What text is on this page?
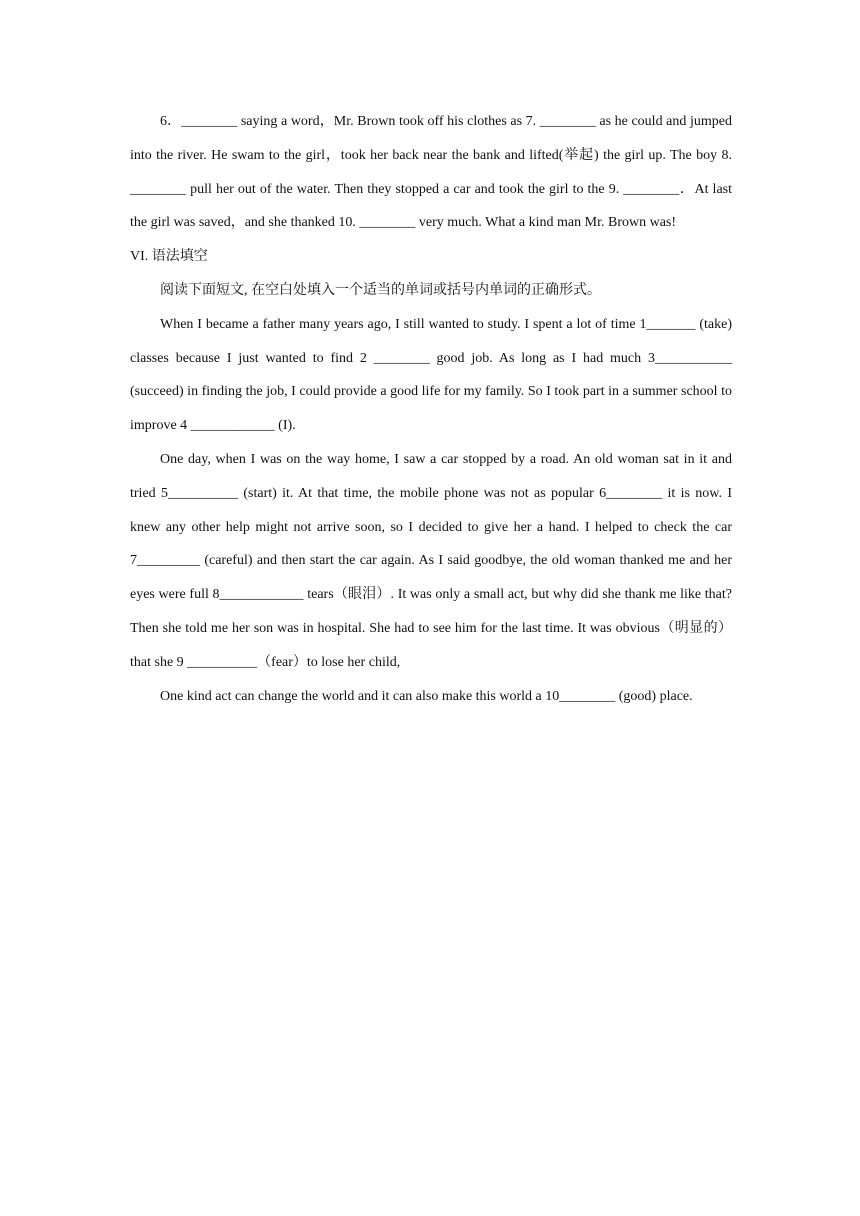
6．________ saying a word，Mr. Brown took off his clothes as 7. ________ as he could and jumped into the river. He swam to the girl，took her back near the bank and lifted(举起) the girl up. The boy 8. ________ pull her out of the water. Then they stopped a car and took the girl to the 9. ________．At last the girl was saved，and she thanked 10. ________ very much. What a kind man Mr. Brown was!

VI. 语法填空

阅读下面短文, 在空白处填入一个适当的单词或括号内单词的正确形式。

When I became a father many years ago, I still wanted to study. I spent a lot of time 1_______ (take) classes because I just wanted to find 2 ________ good job. As long as I had much 3___________ (succeed) in finding the job, I could provide a good life for my family. So I took part in a summer school to improve 4 ____________ (I).

One day, when I was on the way home, I saw a car stopped by a road. An old woman sat in it and tried 5__________ (start) it. At that time, the mobile phone was not as popular 6________ it is now. I knew any other help might not arrive soon, so I decided to give her a hand. I helped to check the car 7_________ (careful) and then start the car again. As I said goodbye, the old woman thanked me and her eyes were full 8____________ tears（眼泪）. It was only a small act, but why did she thank me like that? Then she told me her son was in hospital. She had to see him for the last time. It was obvious（明显的）that she 9 __________（fear）to lose her child,

One kind act can change the world and it can also make this world a 10________ (good) place.
